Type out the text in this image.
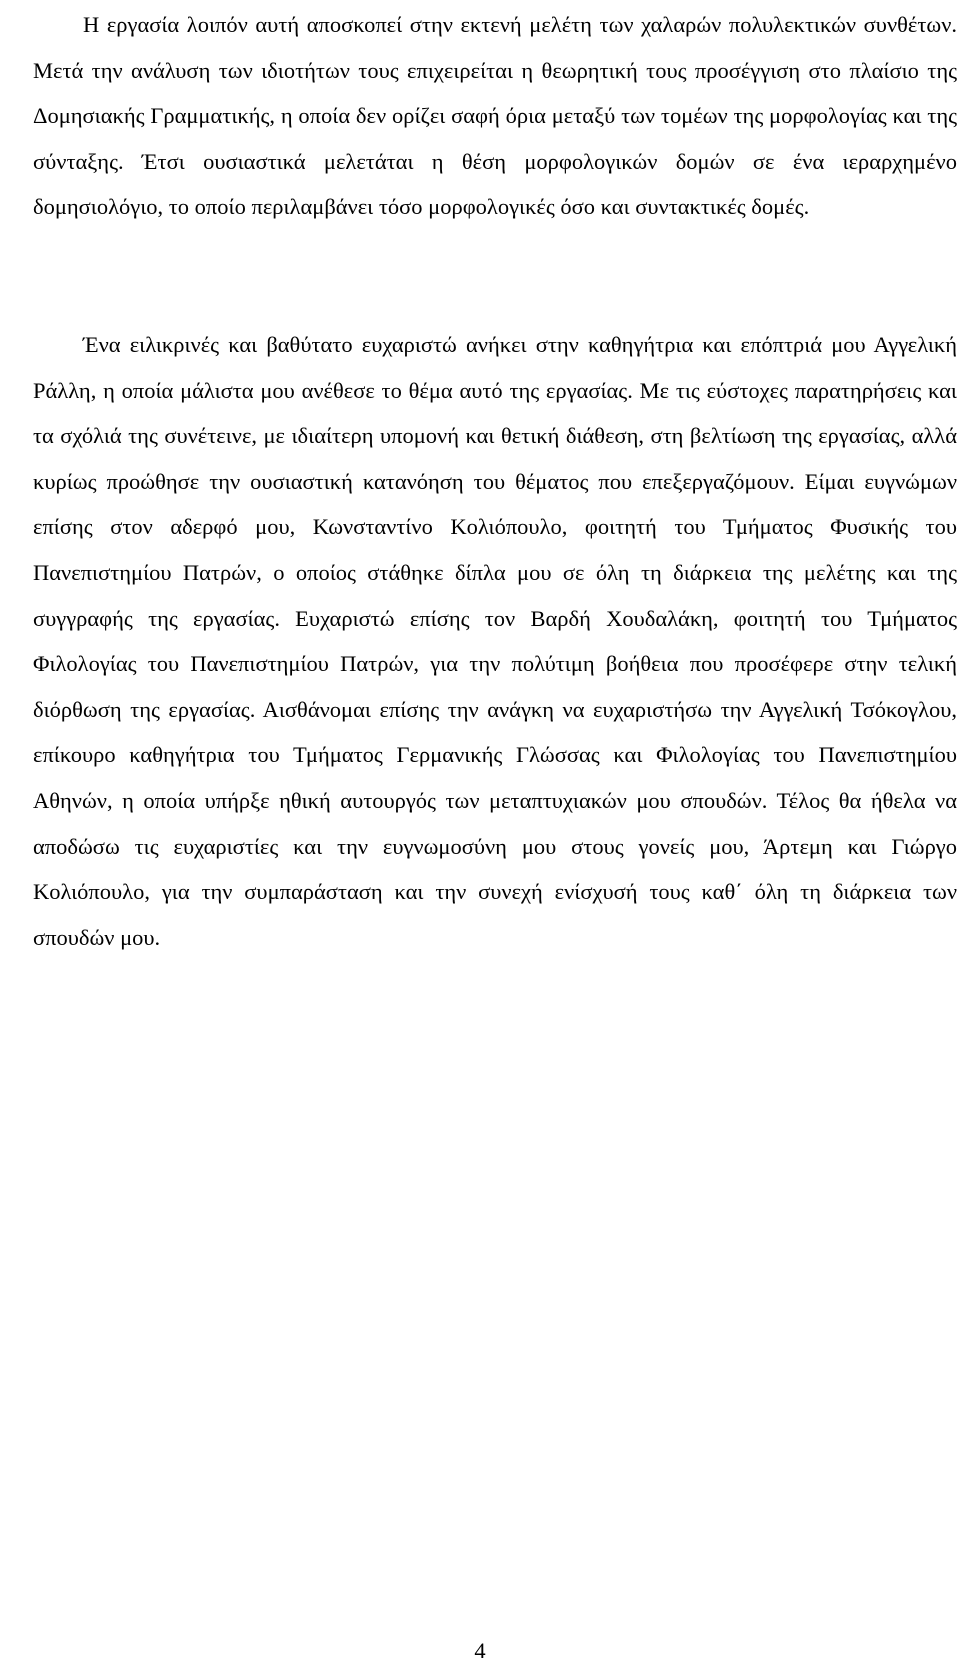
Η εργασία λοιπόν αυτή αποσκοπεί στην εκτενή μελέτη των χαλαρών πολυλεκτικών συνθέτων. Μετά την ανάλυση των ιδιοτήτων τους επιχειρείται η θεωρητική τους προσέγγιση στο πλαίσιο της Δομησιακής Γραμματικής, η οποία δεν ορίζει σαφή όρια μεταξύ των τομέων της μορφολογίας και της σύνταξης. Έτσι ουσιαστικά μελετάται η θέση μορφολογικών δομών σε ένα ιεραρχημένο δομησιολόγιο, το οποίο περιλαμβάνει τόσο μορφολογικές όσο και συντακτικές δομές.

Ένα ειλικρινές και βαθύτατο ευχαριστώ ανήκει στην καθηγήτρια και επόπτριά μου Αγγελική Ράλλη, η οποία μάλιστα μου ανέθεσε το θέμα αυτό της εργασίας. Με τις εύστοχες παρατηρήσεις και τα σχόλιά της συνέτεινε, με ιδιαίτερη υπομονή και θετική διάθεση, στη βελτίωση της εργασίας, αλλά κυρίως προώθησε την ουσιαστική κατανόηση του θέματος που επεξεργαζόμουν. Είμαι ευγνώμων επίσης στον αδερφό μου, Κωνσταντίνο Κολιόπουλο, φοιτητή του Τμήματος Φυσικής του Πανεπιστημίου Πατρών, ο οποίος στάθηκε δίπλα μου σε όλη τη διάρκεια της μελέτης και της συγγραφής της εργασίας. Ευχαριστώ επίσης τον Βαρδή Χουδαλάκη, φοιτητή του Τμήματος Φιλολογίας του Πανεπιστημίου Πατρών, για την πολύτιμη βοήθεια που προσέφερε στην τελική διόρθωση της εργασίας. Αισθάνομαι επίσης την ανάγκη να ευχαριστήσω την Αγγελική Τσόκογλου, επίκουρο καθηγήτρια του Τμήματος Γερμανικής Γλώσσας και Φιλολογίας του Πανεπιστημίου Αθηνών, η οποία υπήρξε ηθική αυτουργός των μεταπτυχιακών μου σπουδών. Τέλος θα ήθελα να αποδώσω τις ευχαριστίες και την ευγνωμοσύνη μου στους γονείς μου, Άρτεμη και Γιώργο Κολιόπουλο, για την συμπαράσταση και την συνεχή ενίσχυσή τους καθ΄ όλη τη διάρκεια των σπουδών μου.

4
